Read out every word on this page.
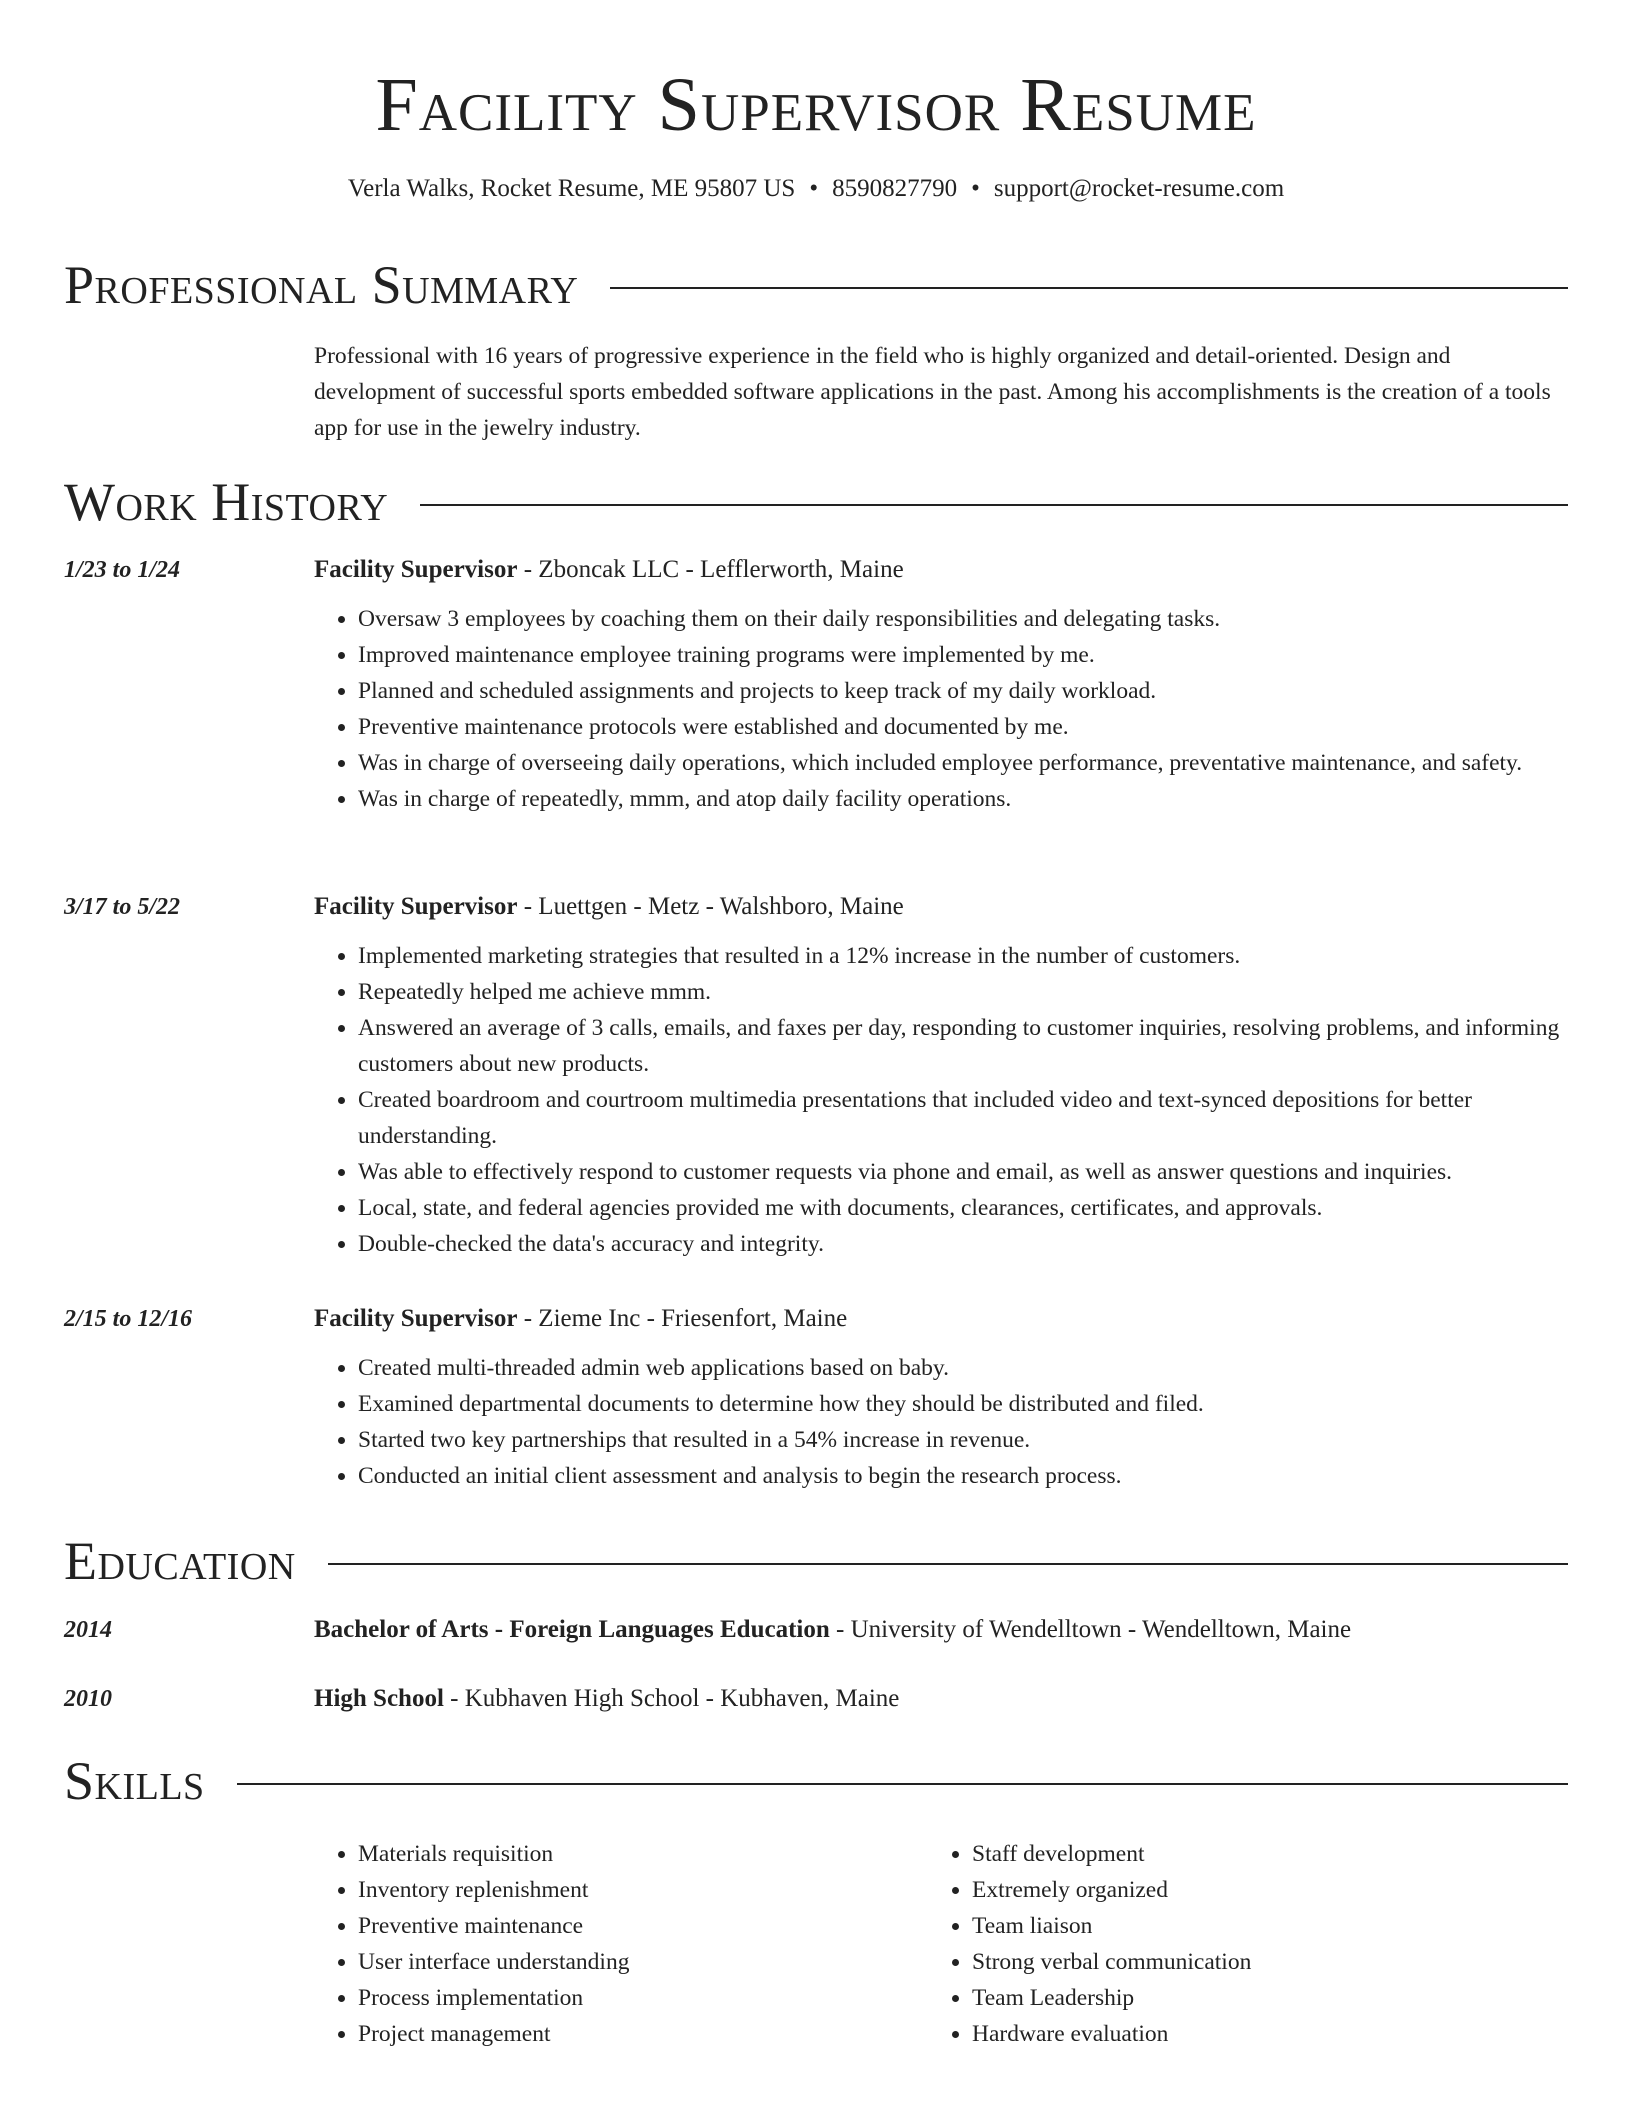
Facility Supervisor Resume
Verla Walks, Rocket Resume, ME 95807 US • 8590827790 • support@rocket-resume.com
Professional Summary
Professional with 16 years of progressive experience in the field who is highly organized and detail-oriented. Design and development of successful sports embedded software applications in the past. Among his accomplishments is the creation of a tools app for use in the jewelry industry.
Work History
1/23 to 1/24	Facility Supervisor - Zboncak LLC - Lefflerworth, Maine
• Oversaw 3 employees by coaching them on their daily responsibilities and delegating tasks.
• Improved maintenance employee training programs were implemented by me.
• Planned and scheduled assignments and projects to keep track of my daily workload.
• Preventive maintenance protocols were established and documented by me.
• Was in charge of overseeing daily operations, which included employee performance, preventative maintenance, and safety.
• Was in charge of repeatedly, mmm, and atop daily facility operations.
3/17 to 5/22	Facility Supervisor - Luettgen - Metz - Walshboro, Maine
• Implemented marketing strategies that resulted in a 12% increase in the number of customers.
• Repeatedly helped me achieve mmm.
• Answered an average of 3 calls, emails, and faxes per day, responding to customer inquiries, resolving problems, and informing customers about new products.
• Created boardroom and courtroom multimedia presentations that included video and text-synced depositions for better understanding.
• Was able to effectively respond to customer requests via phone and email, as well as answer questions and inquiries.
• Local, state, and federal agencies provided me with documents, clearances, certificates, and approvals.
• Double-checked the data's accuracy and integrity.
2/15 to 12/16	Facility Supervisor - Zieme Inc - Friesenfort, Maine
• Created multi-threaded admin web applications based on baby.
• Examined departmental documents to determine how they should be distributed and filed.
• Started two key partnerships that resulted in a 54% increase in revenue.
• Conducted an initial client assessment and analysis to begin the research process.
Education
2014	Bachelor of Arts - Foreign Languages Education - University of Wendelltown - Wendelltown, Maine
2010	High School - Kubhaven High School - Kubhaven, Maine
Skills
• Materials requisition
• Inventory replenishment
• Preventive maintenance
• User interface understanding
• Process implementation
• Project management
• Staff development
• Extremely organized
• Team liaison
• Strong verbal communication
• Team Leadership
• Hardware evaluation
